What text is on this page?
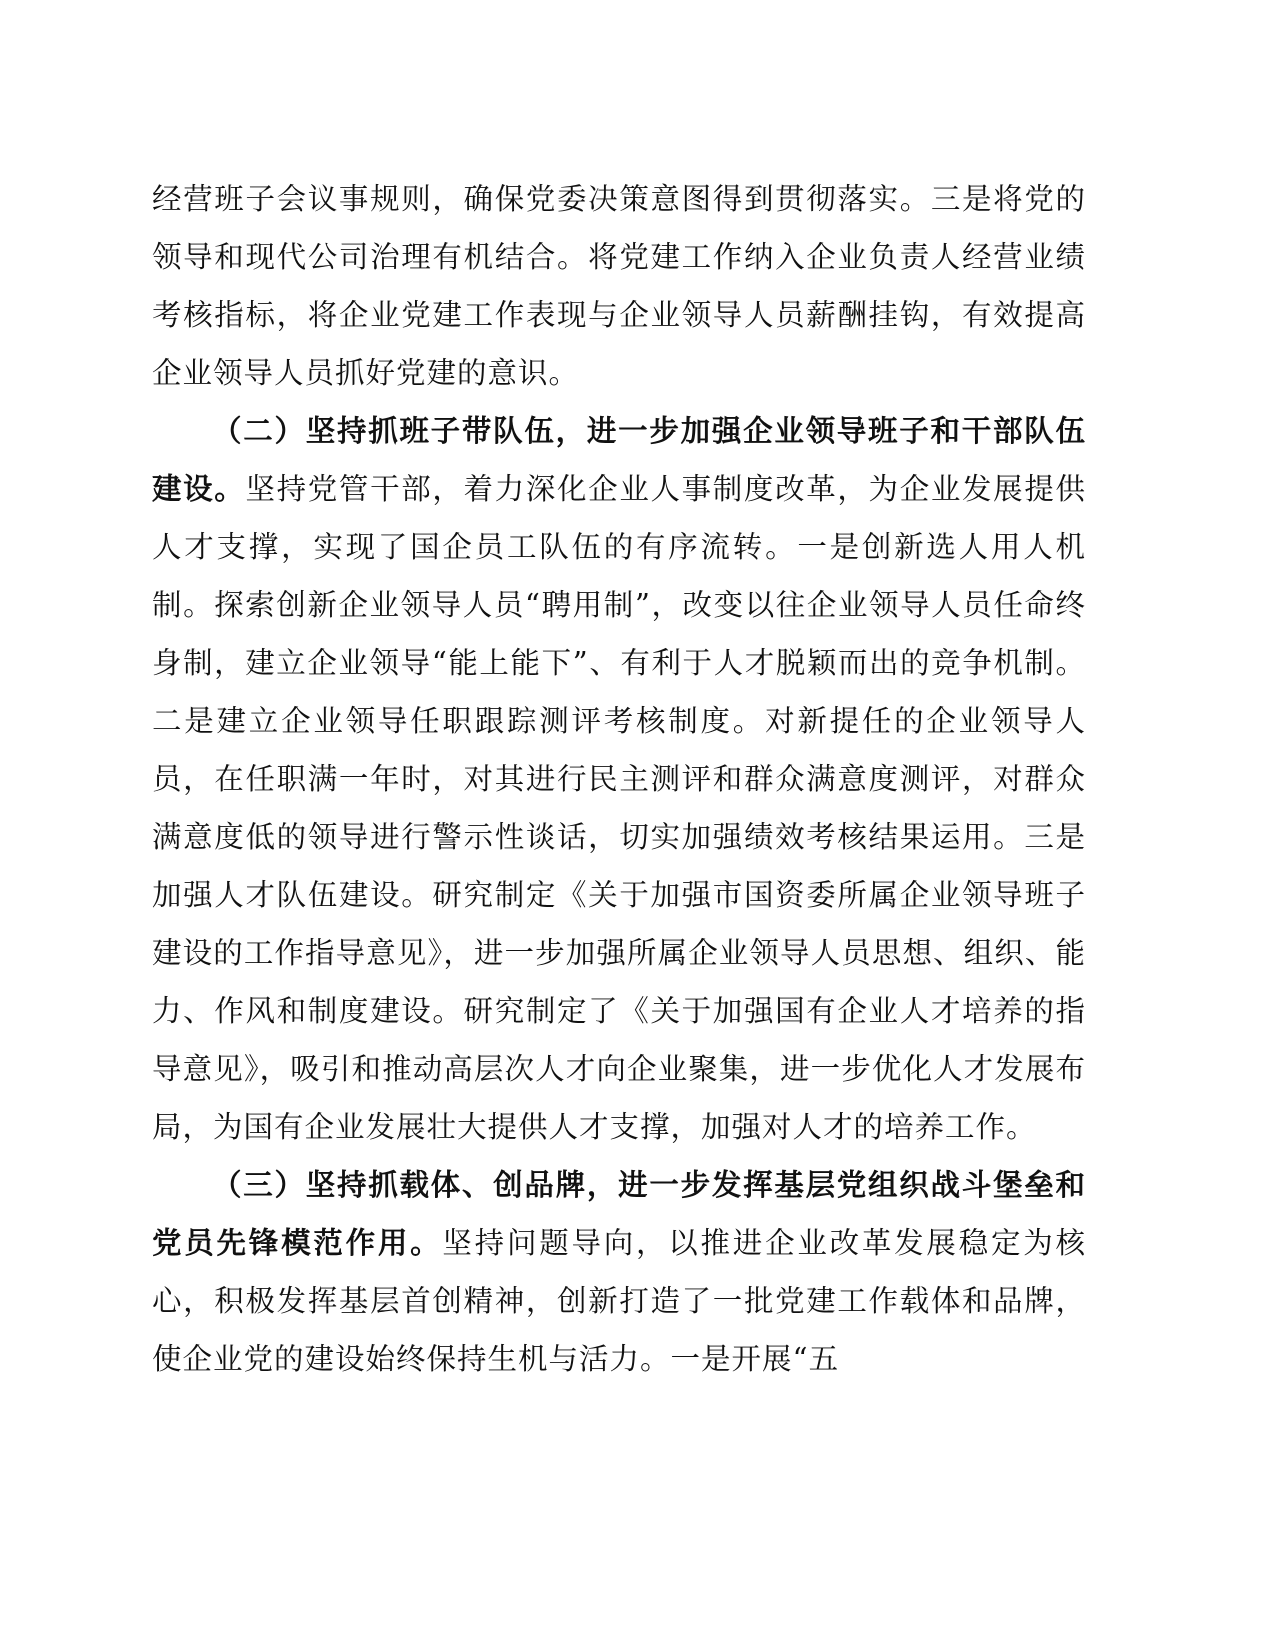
经营班子会议事规则，确保党委决策意图得到贯彻落实。三是将党的领导和现代公司治理有机结合。将党建工作纳入企业负责人经营业绩考核指标，将企业党建工作表现与企业领导人员薪酬挂钩，有效提高企业领导人员抓好党建的意识。

（二）坚持抓班子带队伍，进一步加强企业领导班子和干部队伍建设。坚持党管干部，着力深化企业人事制度改革，为企业发展提供人才支撑，实现了国企员工队伍的有序流转。一是创新选人用人机制。探索创新企业领导人员“聘用制”，改变以往企业领导人员任命终身制，建立企业领导“能上能下”、有利于人才脱颖而出的竞争机制。二是建立企业领导任职跟踪测评考核制度。对新提任的企业领导人员，在任职满一年时，对其进行民主测评和群众满意度测评，对群众满意度低的领导进行警示性谈话，切实加强绩效考核结果运用。三是加强人才队伍建设。研究制定《关于加强市国资委所属企业领导班子建设的工作指导意见》，进一步加强所属企业领导人员思想、组织、能力、作风和制度建设。研究制定了《关于加强国有企业人才培养的指导意见》，吸引和推动高层次人才向企业聚集，进一步优化人才发展布局，为国有企业发展壮大提供人才支撑，加强对人才的培养工作。

（三）坚持抓载体、创品牌，进一步发挥基层党组织战斗堡垒和党员先锋模范作用。坚持问题导向，以推进企业改革发展稳定为核心，积极发挥基层首创精神，创新打造了一批党建工作载体和品牌，使企业党的建设始终保持生机与活力。一是开展“五
